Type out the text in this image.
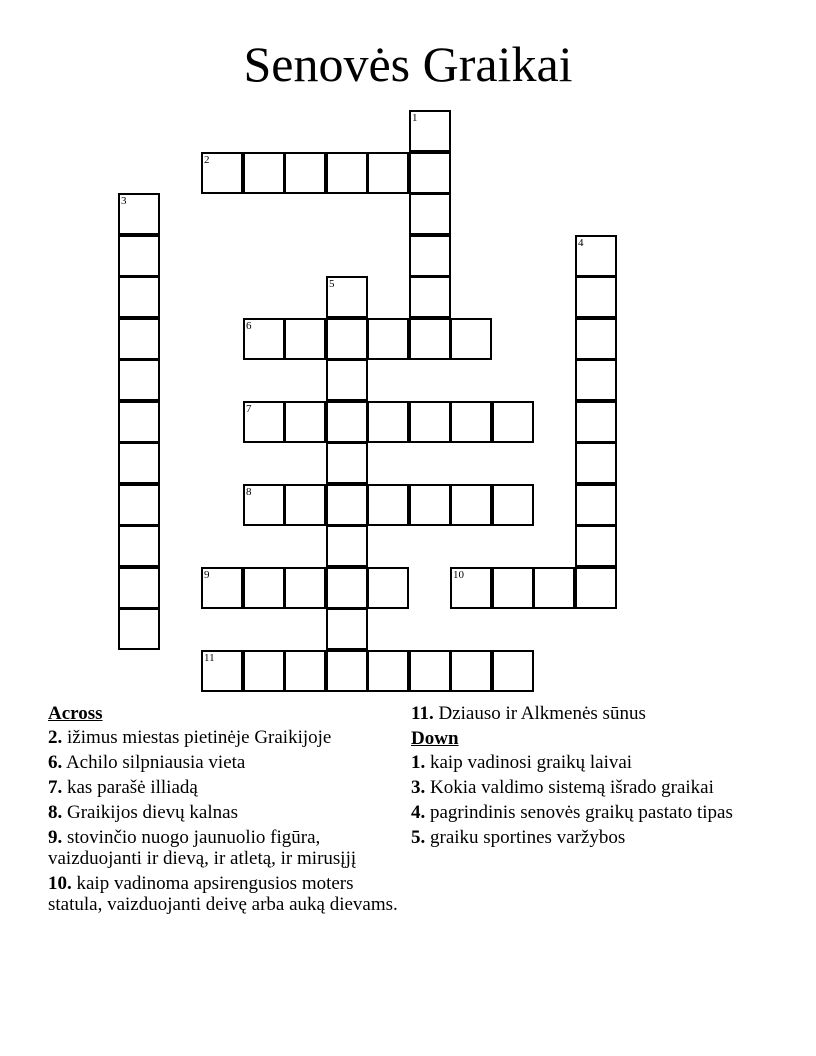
Senovės Graikai
1
2
3
4
5
6
7
8
9	10
11
Across
2. ižimus miestas pietinėje Graikijoje
6. Achilo silpniausia vieta
7. kas parašė illiadą
8. Graikijos dievų kalnas
9. stovinčio nuogo jaunuolio figūra, vaizduojanti ir dievą, ir atletą, ir mirusįjį
10. kaip vadinoma apsirengusios moters statula, vaizduojanti deivę arba auką dievams.
11. Dziauso ir Alkmenės sūnus
Down
1. kaip vadinosi graikų laivai
3. Kokia valdimo sistemą išrado graikai
4. pagrindinis senovės graikų pastato tipas
5. graiku sportines varžybos
